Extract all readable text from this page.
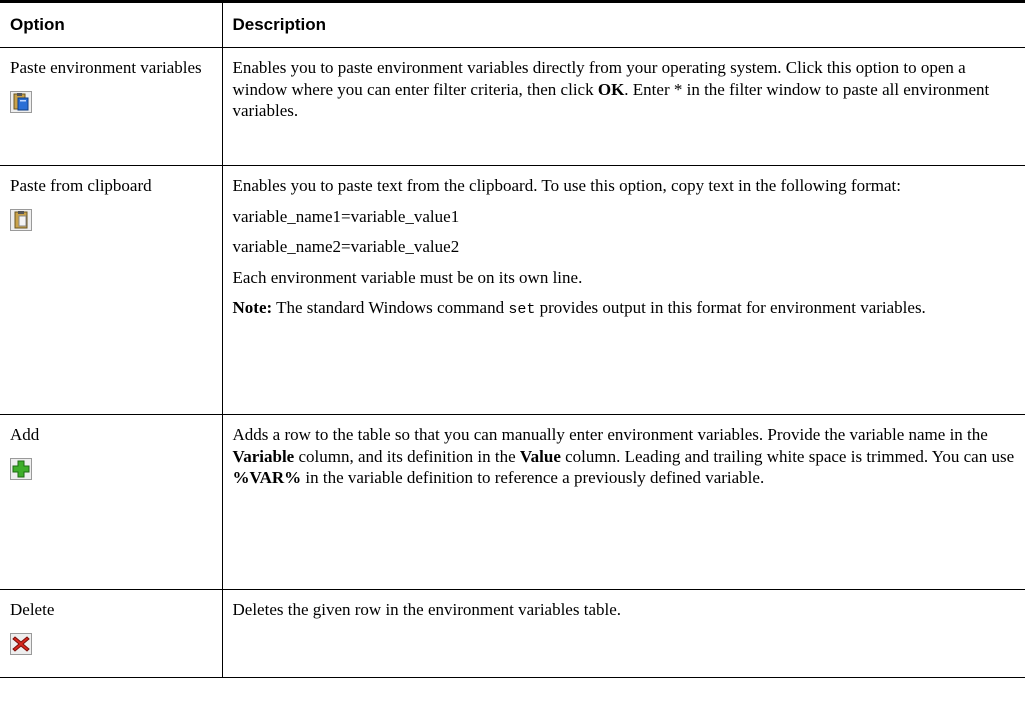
Option	Description

Paste environment variables	Enables you to paste environment variables directly from your operating system. Click this option to open a window where you can enter filter criteria, then click OK. Enter * in the filter window to paste all environment variables.

Paste from clipboard	Enables you to paste text from the clipboard. To use this option, copy text in the following format:

variable_name1=variable_value1

variable_name2=variable_value2

Each environment variable must be on its own line.

Note: The standard Windows command set provides output in this format for environment variables.

Add	Adds a row to the table so that you can manually enter environment variables. Provide the variable name in the Variable column, and its definition in the Value column. Leading and trailing white space is trimmed. You can use %VAR% in the variable definition to reference a previously defined variable.

Delete	Deletes the given row in the environment variables table.
